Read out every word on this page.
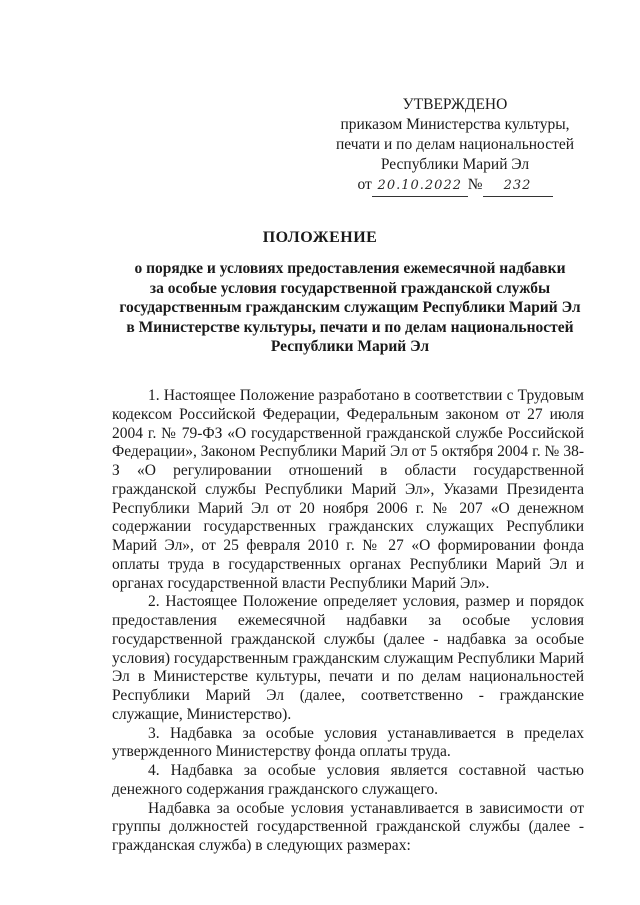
УТВЕРЖДЕНО
приказом Министерства культуры,
печати и по делам национальностей
Республики Марий Эл
от 20.10.2022 № 232
ПОЛОЖЕНИЕ
о порядке и условиях предоставления ежемесячной надбавки
за особые условия государственной гражданской службы
государственным гражданским служащим Республики Марий Эл
в Министерстве культуры, печати и по делам национальностей
Республики Марий Эл

1. Настоящее Положение разработано в соответствии с Трудовым кодексом Российской Федерации, Федеральным законом от 27 июля 2004 г. № 79-ФЗ «О государственной гражданской службе Российской Федерации», Законом Республики Марий Эл от 5 октября 2004 г. № 38-З «О регулировании отношений в области государственной гражданской службы Республики Марий Эл», Указами Президента Республики Марий Эл от 20 ноября 2006 г. № 207 «О денежном содержании государственных гражданских служащих Республики Марий Эл», от 25 февраля 2010 г. № 27 «О формировании фонда оплаты труда в государственных органах Республики Марий Эл и органах государственной власти Республики Марий Эл».

2. Настоящее Положение определяет условия, размер и порядок предоставления ежемесячной надбавки за особые условия государственной гражданской службы (далее - надбавка за особые условия) государственным гражданским служащим Республики Марий Эл в Министерстве культуры, печати и по делам национальностей Республики Марий Эл (далее, соответственно - гражданские служащие, Министерство).

3. Надбавка за особые условия устанавливается в пределах утвержденного Министерству фонда оплаты труда.

4. Надбавка за особые условия является составной частью денежного содержания гражданского служащего.

Надбавка за особые условия устанавливается в зависимости от группы должностей государственной гражданской службы (далее - гражданская служба) в следующих размерах:
